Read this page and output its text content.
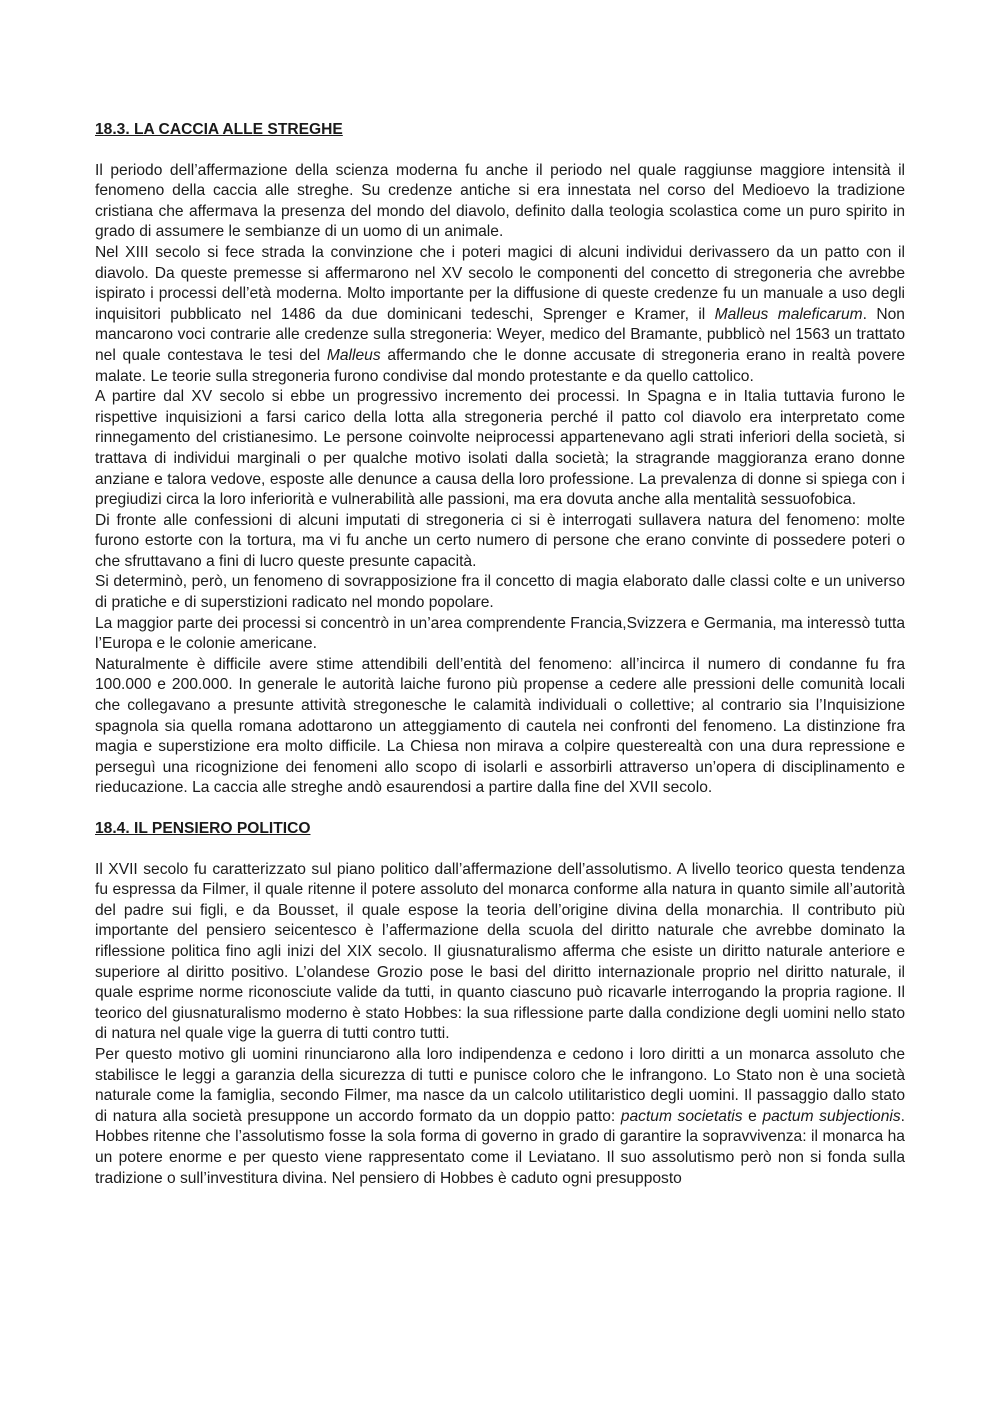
18.3. LA CACCIA ALLE STREGHE

Il periodo dell’affermazione della scienza moderna fu anche il periodo nel quale raggiunse maggiore intensità il fenomeno della caccia alle streghe. Su credenze antiche si era innestata nel corso del Medioevo la tradizione cristiana che affermava la presenza del mondo del diavolo, definito dalla teologia scolastica come un puro spirito in grado di assumere le sembianze di un uomo di un animale.

Nel XIII secolo si fece strada la convinzione che i poteri magici di alcuni individui derivassero da un patto con il diavolo. Da queste premesse si affermarono nel XV secolo le componenti del concetto di stregoneria che avrebbe ispirato i processi dell’età moderna. Molto importante per la diffusione di queste credenze fu un manuale a uso degli inquisitori pubblicato nel 1486 da due dominicani tedeschi, Sprenger e Kramer, il Malleus maleficarum. Non mancarono voci contrarie alle credenze sulla stregoneria: Weyer, medico del Bramante, pubblicò nel 1563 un trattato nel quale contestava le tesi del Malleus affermando che le donne accusate di stregoneria erano in realtà povere malate. Le teorie sulla stregoneria furono condivise dal mondo protestante e da quello cattolico.

A partire dal XV secolo si ebbe un progressivo incremento dei processi. In Spagna e in Italia tuttavia furono le rispettive inquisizioni a farsi carico della lotta alla stregoneria perché il patto col diavolo era interpretato come rinnegamento del cristianesimo. Le persone coinvolte neiprocessi appartenevano agli strati inferiori della società, si trattava di individui marginali o per qualche motivo isolati dalla società; la stragrande maggioranza erano donne anziane e talora vedove, esposte alle denunce a causa della loro professione. La prevalenza di donne si spiega con i pregiudizi circa la loro inferiorità e vulnerabilità alle passioni, ma era dovuta anche alla mentalità sessuofobica.

Di fronte alle confessioni di alcuni imputati di stregoneria ci si è interrogati sullavera natura del fenomeno: molte furono estorte con la tortura, ma vi fu anche un certo numero di persone che erano convinte di possedere poteri o che sfruttavano a fini di lucro queste presunte capacità.

Si determinò, però, un fenomeno di sovrapposizione fra il concetto di magia elaborato dalle classi colte e un universo di pratiche e di superstizioni radicato nel mondo popolare.

La maggior parte dei processi si concentrò in un’area comprendente Francia,Svizzera e Germania, ma interessò tutta l’Europa e le colonie americane.

Naturalmente è difficile avere stime attendibili dell’entità del fenomeno: all’incirca il numero di condanne fu fra 100.000 e 200.000. In generale le autorità laiche furono più propense a cedere alle pressioni delle comunità locali che collegavano a presunte attività stregonesche le calamità individuali o collettive; al contrario sia l’Inquisizione spagnola sia quella romana adottarono un atteggiamento di cautela nei confronti del fenomeno. La distinzione fra magia e superstizione era molto difficile. La Chiesa non mirava a colpire questerealtà con una dura repressione e perseguì una ricognizione dei fenomeni allo scopo di isolarli e assorbirli attraverso un’opera di disciplinamento e rieducazione. La caccia alle streghe andò esaurendosi a partire dalla fine del XVII secolo.

18.4. IL PENSIERO POLITICO

Il XVII secolo fu caratterizzato sul piano politico dall’affermazione dell’assolutismo. A livello teorico questa tendenza fu espressa da Filmer, il quale ritenne il potere assoluto del monarca conforme alla natura in quanto simile all’autorità del padre sui figli, e da Bousset, il quale espose la teoria dell’origine divina della monarchia. Il contributo più importante del pensiero seicentesco è l’affermazione della scuola del diritto naturale che avrebbe dominato la riflessione politica fino agli inizi del XIX secolo. Il giusnaturalismo afferma che esiste un diritto naturale anteriore e superiore al diritto positivo. L’olandese Grozio pose le basi del diritto internazionale proprio nel diritto naturale, il quale esprime norme riconosciute valide da tutti, in quanto ciascuno può ricavarle interrogando la propria ragione. Il teorico del giusnaturalismo moderno è stato Hobbes: la sua riflessione parte dalla condizione degli uomini nello stato di natura nel quale vige la guerra di tutti contro tutti.

Per questo motivo gli uomini rinunciarono alla loro indipendenza e cedono i loro diritti a un monarca assoluto che stabilisce le leggi a garanzia della sicurezza di tutti e punisce coloro che le infrangono. Lo Stato non è una società naturale come la famiglia, secondo Filmer, ma nasce da un calcolo utilitaristico degli uomini. Il passaggio dallo stato di natura alla società presuppone un accordo formato da un doppio patto: pactum societatis e pactum subjectionis. Hobbes ritenne che l’assolutismo fosse la sola forma di governo in grado di garantire la sopravvivenza: il monarca ha un potere enorme e per questo viene rappresentato come il Leviatano. Il suo assolutismo però non si fonda sulla tradizione o sull’investitura divina. Nel pensiero di Hobbes è caduto ogni presupposto
